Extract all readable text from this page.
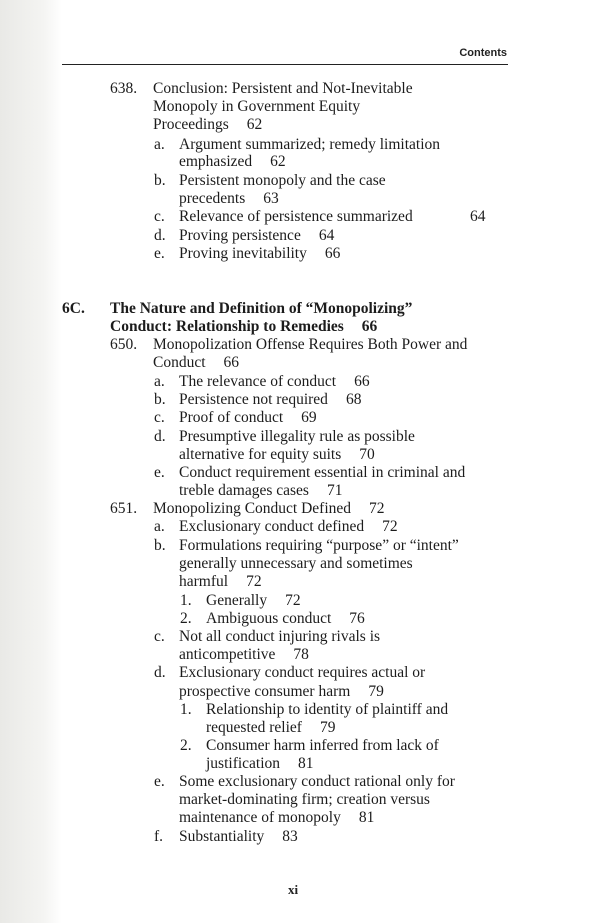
Contents
638. Conclusion: Persistent and Not-Inevitable
Monopoly in Government Equity
Proceedings 62
a. Argument summarized; remedy limitation
emphasized 62
b. Persistent monopoly and the case
precedents 63
c. Relevance of persistence summarized	64
d. Proving persistence 64
e. Proving inevitability 66
6C. The Nature and Definition of “Monopolizing”
Conduct: Relationship to Remedies 66
650. Monopolization Offense Requires Both Power and
Conduct 66
a. The relevance of conduct 66
b. Persistence not required 68
c. Proof of conduct 69
d. Presumptive illegality rule as possible
alternative for equity suits 70
e. Conduct requirement essential in criminal and
treble damages cases 71
651. Monopolizing Conduct Defined 72
a. Exclusionary conduct defined 72
b. Formulations requiring “purpose” or “intent”
generally unnecessary and sometimes
harmful 72
1. Generally 72
2. Ambiguous conduct 76
c. Not all conduct injuring rivals is
anticompetitive 78
d. Exclusionary conduct requires actual or
prospective consumer harm 79
1. Relationship to identity of plaintiff and
requested relief 79
2. Consumer harm inferred from lack of
justification 81
e. Some exclusionary conduct rational only for
market-dominating firm; creation versus
maintenance of monopoly 81
f. Substantiality 83
xi
